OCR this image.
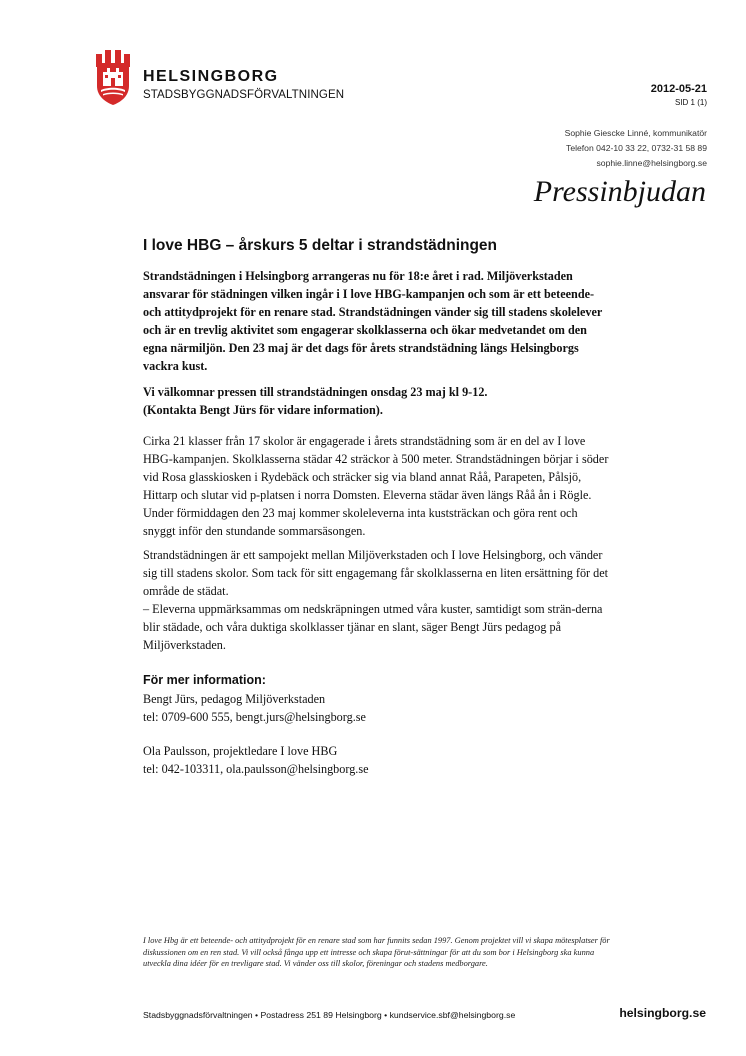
HELSINGBORG
STADSBYGGNADSFÖRVALTNINGEN	2012-05-21
SID 1 (1)
Sophie Giescke Linné, kommunikatör
Telefon 042-10 33 22, 0732-31 58 89
sophie.linne@helsingborg.se
Pressinbjudan
I love HBG – årskurs 5 deltar i strandstädningen
Strandstädningen i Helsingborg arrangeras nu för 18:e året i rad. Miljöverkstaden ansvarar för städningen vilken ingår i I love HBG-kampanjen och som är ett beteende- och attitydprojekt för en renare stad. Strandstädningen vänder sig till stadens skolelever och är en trevlig aktivitet som engagerar skolklasserna och ökar medvetandet om den egna närmiljön. Den 23 maj är det dags för årets strandstädning längs Helsingborgs vackra kust.
Vi välkomnar pressen till strandstädningen onsdag 23 maj kl 9-12.
(Kontakta Bengt Jürs för vidare information).
Cirka 21 klasser från 17 skolor är engagerade i årets strandstädning som är en del av I love HBG-kampanjen. Skolklasserna städar 42 sträckor à 500 meter. Strandstädningen börjar i söder vid Rosa glasskiosken i Rydebäck och sträcker sig via bland annat Råå, Parapeten, Pålsjö, Hittarp och slutar vid p-platsen i norra Domsten. Eleverna städar även längs Råå ån i Rögle. Under förmiddagen den 23 maj kommer skoleleverna inta kuststräckan och göra rent och snyggt inför den stundande sommarsäsongen.
Strandstädningen är ett sampojekt mellan Miljöverkstaden och I love Helsingborg, och vänder sig till stadens skolor. Som tack för sitt engagemang får skolklasserna en liten ersättning för det område de städat.
– Eleverna uppmärksammas om nedskräpningen utmed våra kuster, samtidigt som strän-derna blir städade, och våra duktiga skolklasser tjänar en slant, säger Bengt Jürs pedagog på Miljöverkstaden.
För mer information:
Bengt Jürs, pedagog Miljöverkstaden
tel: 0709-600 555, bengt.jurs@helsingborg.se
Ola Paulsson, projektledare I love HBG
tel: 042-103311, ola.paulsson@helsingborg.se
I love Hbg är ett beteende- och attitydprojekt för en renare stad som har funnits sedan 1997. Genom projektet vill vi skapa mötesplatser för diskussionen om en ren stad. Vi vill också fånga upp ett intresse och skapa förut-sättningar för att du som bor i Helsingborg ska kunna utveckla dina idéer för en trevligare stad. Vi vänder oss till skolor, föreningar och stadens medborgare.
Stadsbyggnadsförvaltningen • Postadress 251 89 Helsingborg • kundservice.sbf@helsingborg.se	helsingborg.se
